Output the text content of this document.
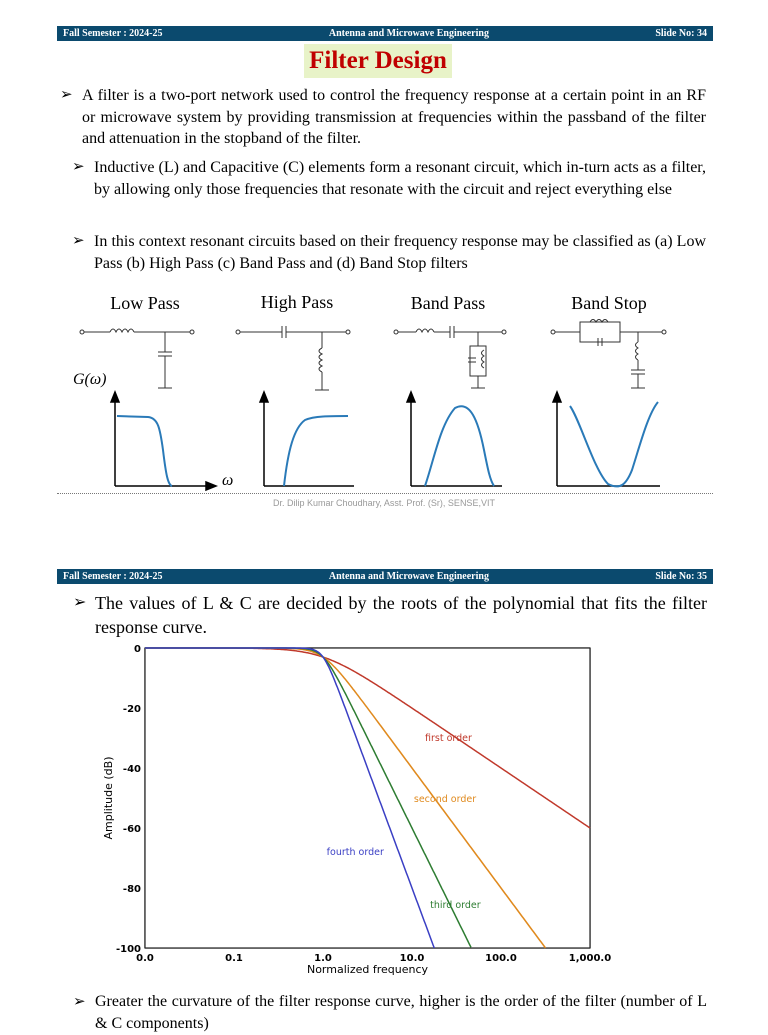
Fall Semester : 2024-25	Antenna and Microwave Engineering	Slide No: 34
Filter Design
➢ A filter is a two-port network used to control the frequency response at a certain point in an RF or microwave system by providing transmission at frequencies within the passband of the filter and attenuation in the stopband of the filter.
➢ Inductive (L) and Capacitive (C) elements form a resonant circuit, which in-turn acts as a filter, by allowing only those frequencies that resonate with the circuit and reject everything else
➢ In this context resonant circuits based on their frequency response may be classified as (a) Low Pass (b) High Pass (c) Band Pass and (d) Band Stop filters
Low Pass	High Pass	Band Pass	Band Stop
G(ω)
ω
Dr. Dilip Kumar Choudhary, Asst. Prof. (Sr), SENSE,VIT
Fall Semester : 2024-25	Antenna and Microwave Engineering	Slide No: 35
➢ The values of L & C are decided by the roots of the polynomial that fits the filter response curve.
0.0	0.1	1.0	10.0	100.0	1,000.0
0
-20
-40
-60
-80
-100
first order
second order
third order
fourth order
Normalized frequency
Amplitude (dB)
➢ Greater the curvature of the filter response curve, higher is the order of the filter (number of L & C components)
